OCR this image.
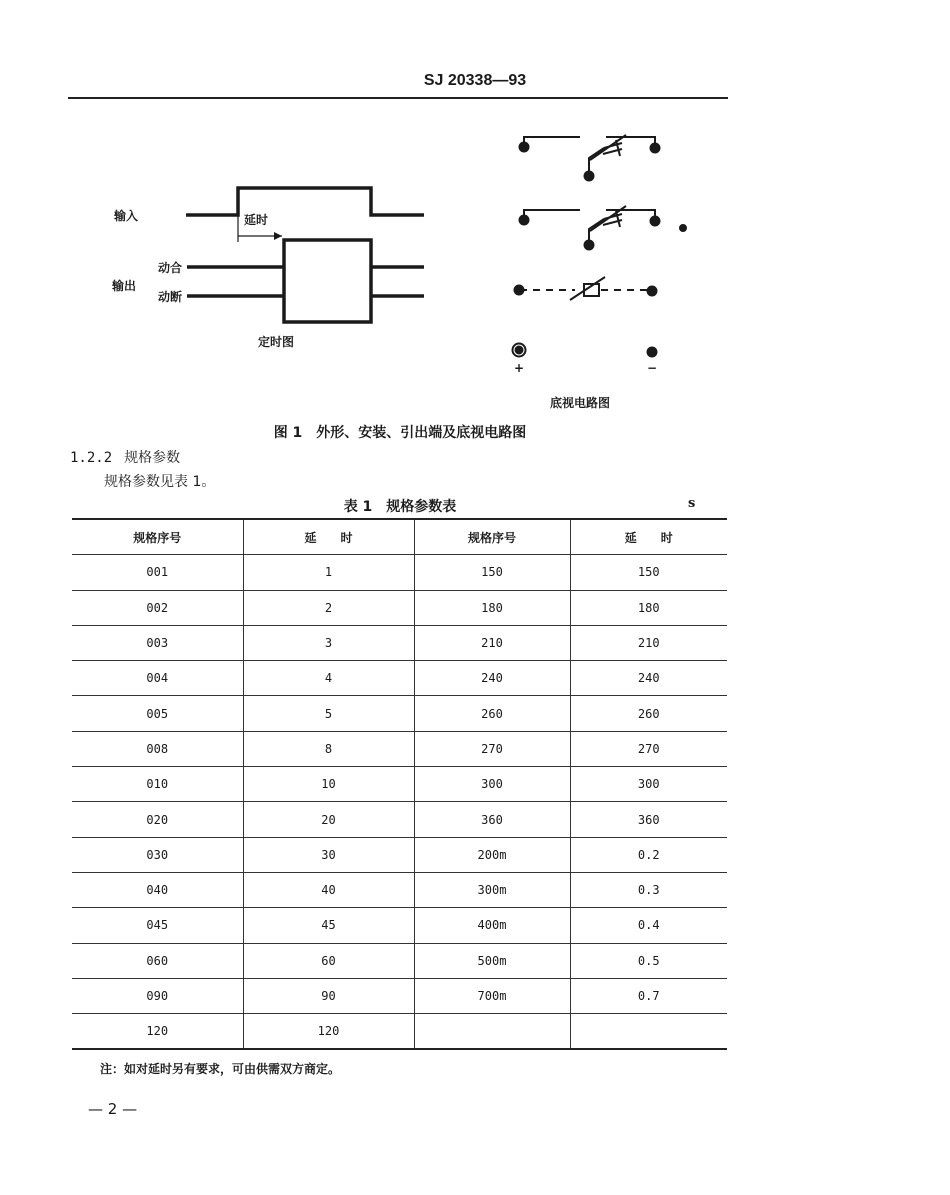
SJ 20338—93
输入	延时
输出
动合
动断
定时图
+	−
底视电路图
图 1　外形、安装、引出端及底视电路图
1.2.2 规格参数
规格参数见表 1。
表 1　规格参数表	s
规格序号	延　　时	规格序号	延　　时
001	1	150	150
002	2	180	180
003	3	210	210
004	4	240	240
005	5	260	260
008	8	270	270
010	10	300	300
020	20	360	360
030	30	200m	0.2
040	40	300m	0.3
045	45	400m	0.4
060	60	500m	0.5
090	90	700m	0.7
120	120		
注：如对延时另有要求，可由供需双方商定。
— 2 —
